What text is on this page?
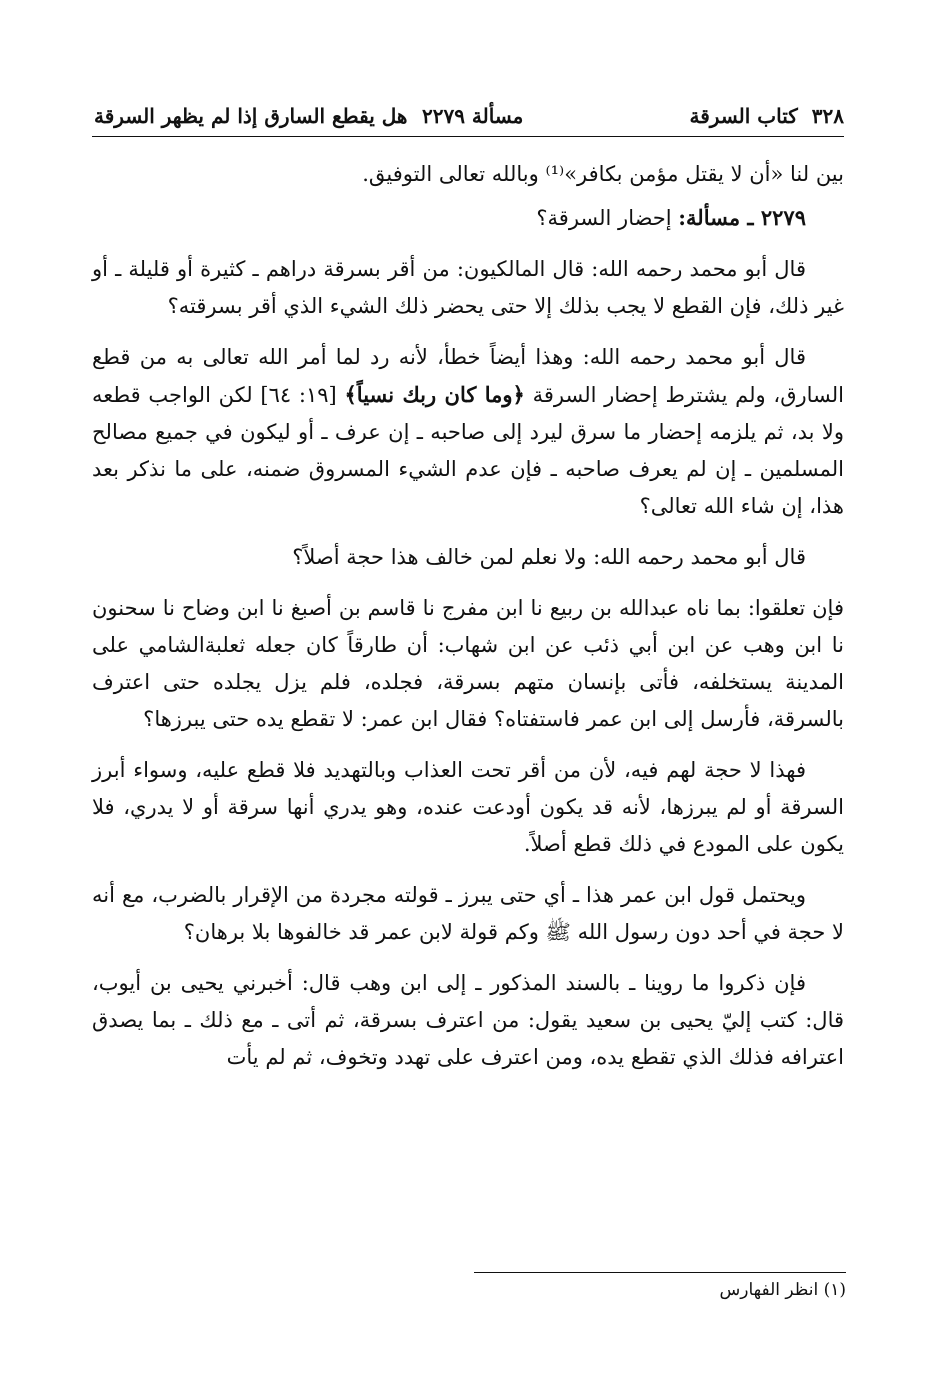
٣٢٨كتاب السرقة
مسألة ٢٢٧٩
هل يقطع السارق إذا لم يظهر السرقة

بين لنا «أن لا يقتل مؤمن بكافر»⁽¹⁾ وبالله تعالى التوفيق.

٢٢٧٩ ـ مسألة: إحضار السرقة؟

قال أبو محمد رحمه الله: قال المالكيون: من أقر بسرقة دراهم ـ كثيرة أو قليلة ـ أو غير ذلك، فإن القطع لا يجب بذلك إلا حتى يحضر ذلك الشيء الذي أقر بسرقته؟

قال أبو محمد رحمه الله: وهذا أيضاً خطأ، لأنه رد لما أمر الله تعالى به من قطع السارق، ولم يشترط إحضار السرقة ﴿وما كان ربك نسياً﴾ [١٩: ٦٤] لكن الواجب قطعه ولا بد، ثم يلزمه إحضار ما سرق ليرد إلى صاحبه ـ إن عرف ـ أو ليكون في جميع مصالح المسلمين ـ إن لم يعرف صاحبه ـ فإن عدم الشيء المسروق ضمنه، على ما نذكر بعد هذا، إن شاء الله تعالى؟

قال أبو محمد رحمه الله: ولا نعلم لمن خالف هذا حجة أصلاً؟

فإن تعلقوا: بما ناه عبدالله بن ربيع نا ابن مفرج نا قاسم بن أصبغ نا ابن وضاح نا سحنون نا ابن وهب عن ابن أبي ذئب عن ابن شهاب: أن طارقاً كان جعله ثعلبةالشامي على المدينة يستخلفه، فأتى بإنسان متهم بسرقة، فجلده، فلم يزل يجلده حتى اعترف بالسرقة، فأرسل إلى ابن عمر فاستفتاه؟ فقال ابن عمر: لا تقطع يده حتى يبرزها؟

فهذا لا حجة لهم فيه، لأن من أقر تحت العذاب وبالتهديد فلا قطع عليه، وسواء أبرز السرقة أو لم يبرزها، لأنه قد يكون أودعت عنده، وهو يدري أنها سرقة أو لا يدري، فلا يكون على المودع في ذلك قطع أصلاً.

ويحتمل قول ابن عمر هذا ـ أي حتى يبرز ـ قولته مجردة من الإقرار بالضرب، مع أنه لا حجة في أحد دون رسول الله ﷺ وكم قولة لابن عمر قد خالفوها بلا برهان؟

فإن ذكروا ما روينا ـ بالسند المذكور ـ إلى ابن وهب قال: أخبرني يحيى بن أيوب، قال: كتب إليّ يحيى بن سعيد يقول: من اعترف بسرقة، ثم أتى ـ مع ذلك ـ بما يصدق اعترافه فذلك الذي تقطع يده، ومن اعترف على تهدد وتخوف، ثم لم يأت

(١) انظر الفهارس
